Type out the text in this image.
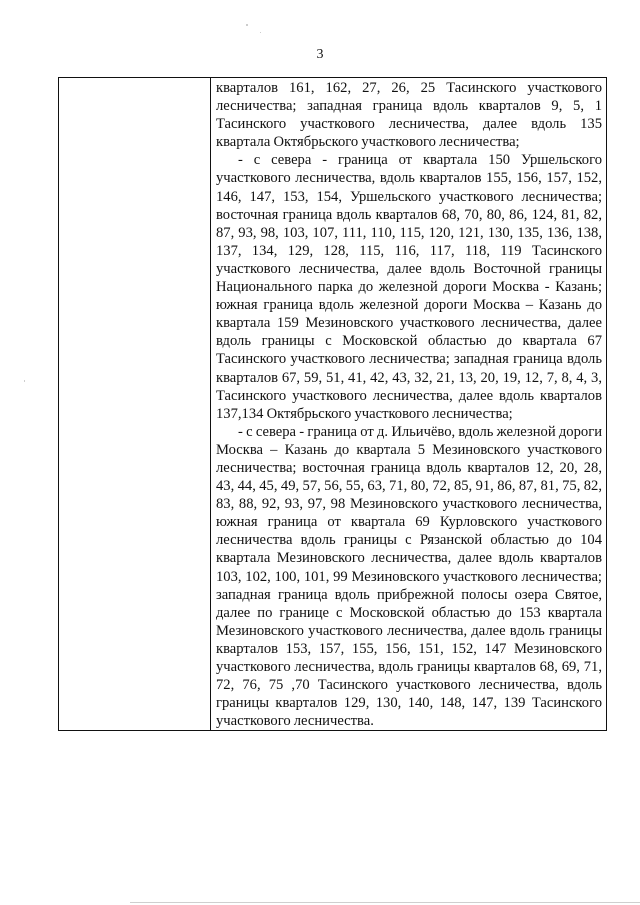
3

кварталов 161, 162, 27, 26, 25 Тасинского участкового лесничества; западная граница вдоль кварталов 9, 5, 1 Тасинского участкового лесничества, далее вдоль 135 квартала Октябрьского участкового лесничества;

- с севера - граница от квартала 150 Уршельского участкового лесничества, вдоль кварталов 155, 156, 157, 152, 146, 147, 153, 154, Уршельского участкового лесничества; восточная граница вдоль кварталов 68, 70, 80, 86, 124, 81, 82, 87, 93, 98, 103, 107, 111, 110, 115, 120, 121, 130, 135, 136, 138, 137, 134, 129, 128, 115, 116, 117, 118, 119 Тасинского участкового лесничества, далее вдоль Восточной границы Национального парка до железной дороги Москва - Казань; южная граница вдоль железной дороги Москва – Казань до квартала 159 Мезиновского участкового лесничества, далее вдоль границы с Московской областью до квартала 67 Тасинского участкового лесничества; западная граница вдоль кварталов 67, 59, 51, 41, 42, 43, 32, 21, 13, 20, 19, 12, 7, 8, 4, 3, Тасинского участкового лесничества, далее вдоль кварталов 137,134 Октябрьского участкового лесничества;

- с севера - граница от д. Ильичёво, вдоль железной дороги Москва – Казань до квартала 5 Мезиновского участкового лесничества; восточная граница вдоль кварталов 12, 20, 28, 43, 44, 45, 49, 57, 56, 55, 63, 71, 80, 72, 85, 91, 86, 87, 81, 75, 82, 83, 88, 92, 93, 97, 98 Мезиновского участкового лесничества, южная граница от квартала 69 Курловского участкового лесничества вдоль границы с Рязанской областью до 104 квартала Мезиновского лесничества, далее вдоль кварталов 103, 102, 100, 101, 99 Мезиновского участкового лесничества; западная граница вдоль прибрежной полосы озера Святое, далее по границе с Московской областью до 153 квартала Мезиновского участкового лесничества, далее вдоль границы кварталов 153, 157, 155, 156, 151, 152, 147 Мезиновского участкового лесничества, вдоль границы кварталов 68, 69, 71, 72, 76, 75 ,70 Тасинского участкового лесничества, вдоль границы кварталов 129, 130, 140, 148, 147, 139 Тасинского участкового лесничества.
